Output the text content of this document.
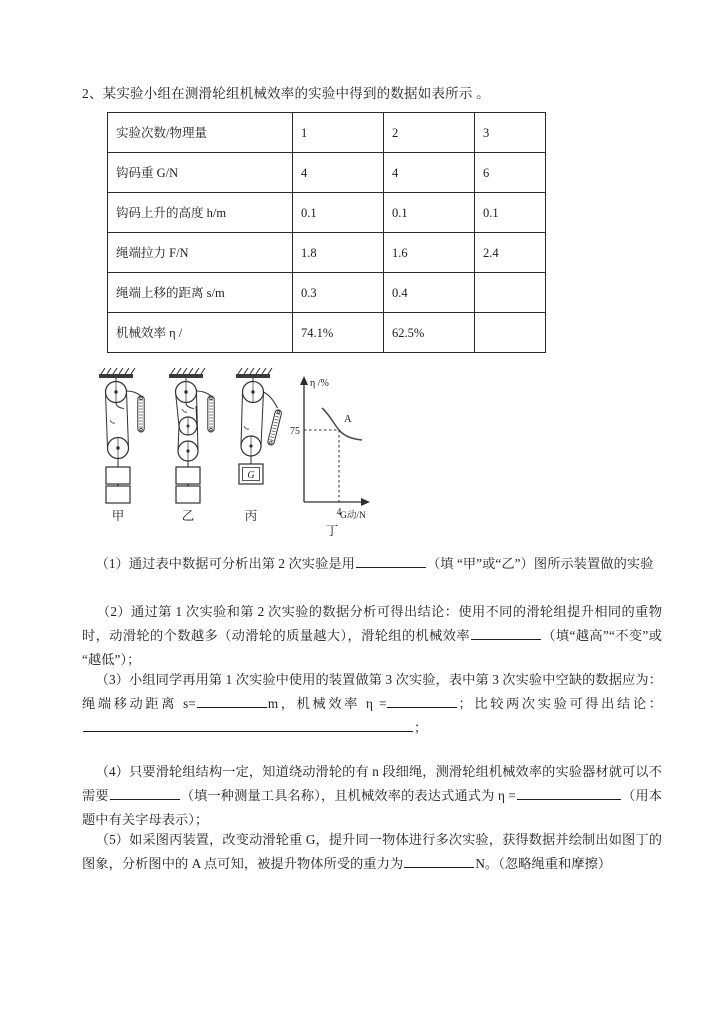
2、某实验小组在测滑轮组机械效率的实验中得到的数据如表所示 。
实验次数/物理量	1	2	3
钩码重 G/N	4	4	6
钩码上升的高度 h/m	0.1	0.1	0.1
绳端拉力 F/N	1.8	1.6	2.4
绳端上移的距离 s/m	0.3	0.4	
机械效率 η /	74.1%	62.5%	
甲	乙
G
丙
η /%
G动/N
75
4
A
丁
（1）通过表中数据可分析出第 2 次实验是用	（填 “甲”或“乙”）图所示装置做的实验
（2）通过第 1 次实验和第 2 次实验的数据分析可得出结论：使用不同的滑轮组提升相同的重物时，动滑轮的个数越多（动滑轮的质量越大），滑轮组的机械效率	（填“越高”“不变”或“越低”）；
（3）小组同学再用第 1 次实验中使用的装置做第 3 次实验，表中第 3 次实验中空缺的数据应为：绳端移动距离 s=	m，机械效率 η =	；比较两次实验可得出结论：；
（4）只要滑轮组结构一定，知道绕动滑轮的有 n 段细绳，测滑轮组机械效率的实验器材就可以不需要	（填一种测量工具名称），且机械效率的表达式通式为 η =	（用本题中有关字母表示）；
（5）如采图丙装置，改变动滑轮重 G，提升同一物体进行多次实验，获得数据并绘制出如图丁的图象，分析图中的 A 点可知，被提升物体所受的重力为	N。（忽略绳重和摩擦）
